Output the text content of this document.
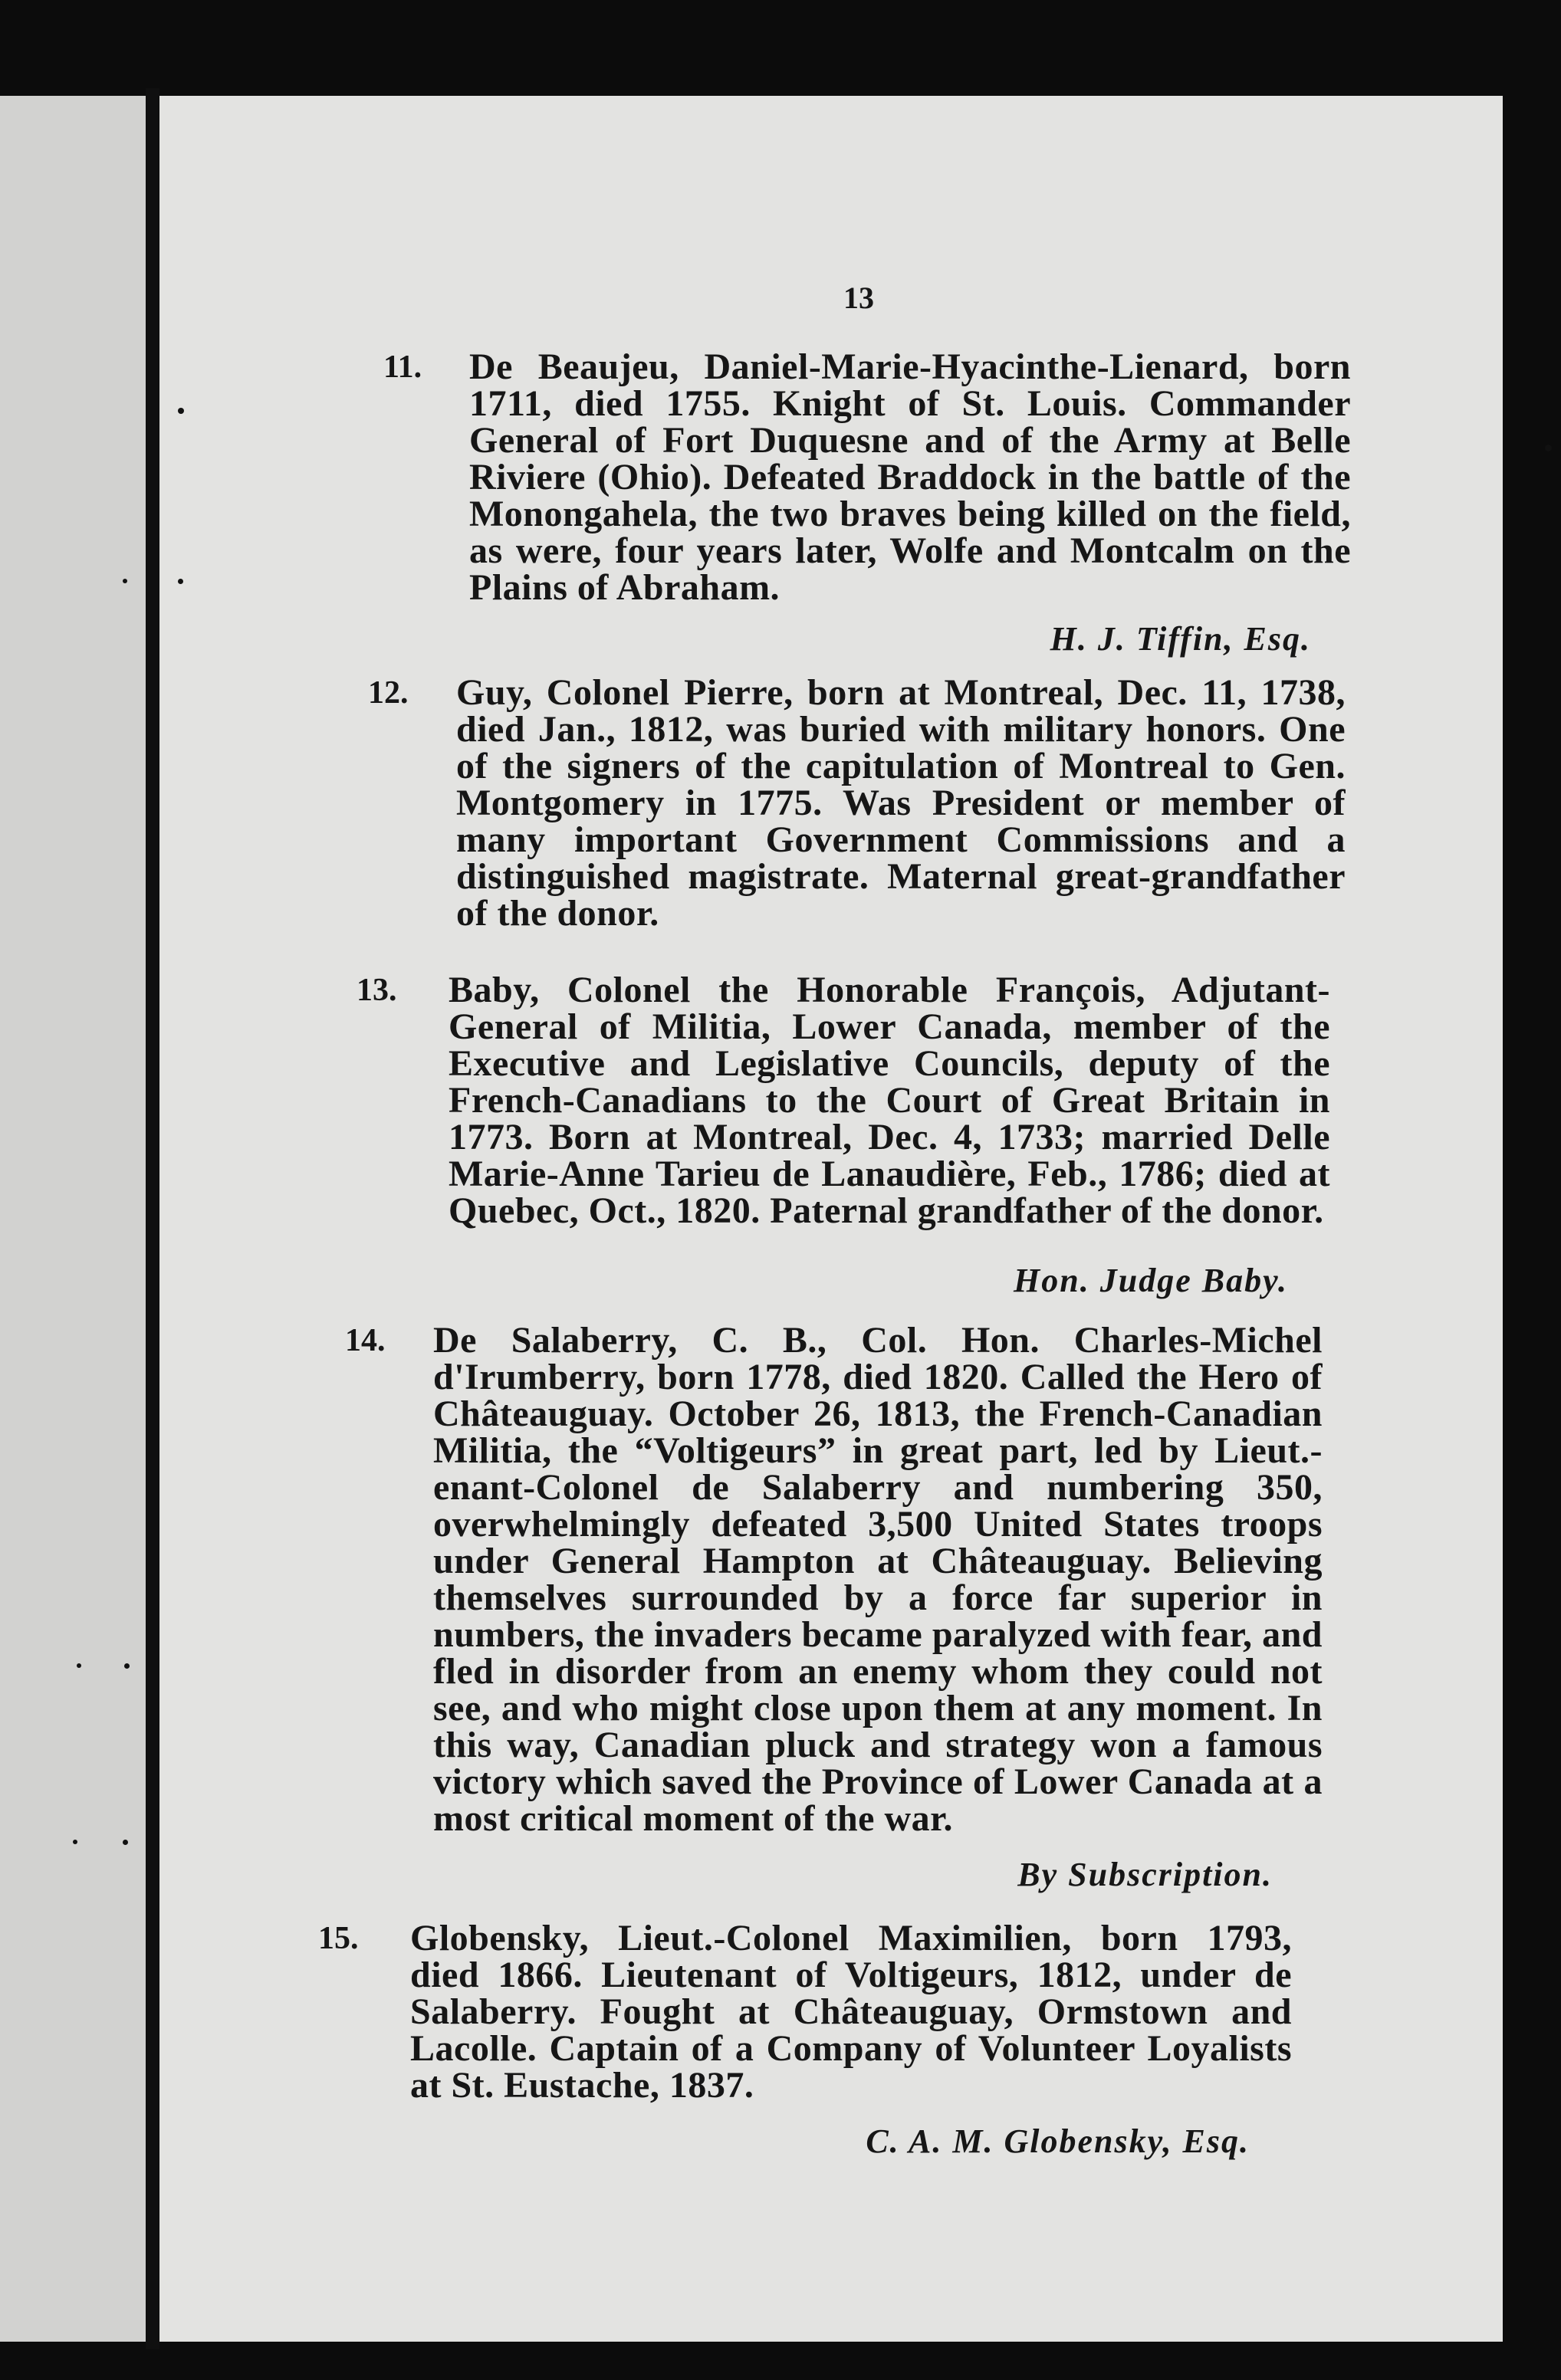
13
11. De Beaujeu, Daniel-Marie-Hyacinthe-Lienard, born 1711, died 1755. Knight of St. Louis. Commander General of Fort Duquesne and of the Army at Belle Riviere (Ohio). Defeated Braddock in the battle of the Monongahela, the two braves being killed on the field, as were, four years later, Wolfe and Montcalm on the Plains of Abraham.
H. J. Tiffin, Esq.
12. Guy, Colonel Pierre, born at Montreal, Dec. 11, 1738, died Jan., 1812, was buried with military honors. One of the signers of the capitulation of Montreal to Gen. Montgomery in 1775. Was President or member of many important Government Commissions and a distinguished magistrate. Maternal great-grandfather of the donor.
13. Baby, Colonel the Honorable François, Adjutant-General of Militia, Lower Canada, member of the Executive and Legislative Councils, deputy of the French-Canadians to the Court of Great Britain in 1773. Born at Montreal, Dec. 4, 1733; married Delle Marie-Anne Tarieu de Lanaudière, Feb., 1786; died at Quebec, Oct., 1820. Paternal grandfather of the donor.
Hon. Judge Baby.
14. De Salaberry, C. B., Col. Hon. Charles-Michel d'Irumberry, born 1778, died 1820. Called the Hero of Châteauguay. October 26, 1813, the French-Canadian Militia, the “Voltigeurs” in great part, led by Lieut.-enant-Colonel de Salaberry and numbering 350, overwhelmingly defeated 3,500 United States troops under General Hampton at Châteauguay. Believing themselves surrounded by a force far superior in numbers, the invaders became paralyzed with fear, and fled in disorder from an enemy whom they could not see, and who might close upon them at any moment. In this way, Canadian pluck and strategy won a famous victory which saved the Province of Lower Canada at a most critical moment of the war.
By Subscription.
15. Globensky, Lieut.-Colonel Maximilien, born 1793, died 1866. Lieutenant of Voltigeurs, 1812, under de Salaberry. Fought at Châteauguay, Ormstown and Lacolle. Captain of a Company of Volunteer Loyalists at St. Eustache, 1837.
C. A. M. Globensky, Esq.
